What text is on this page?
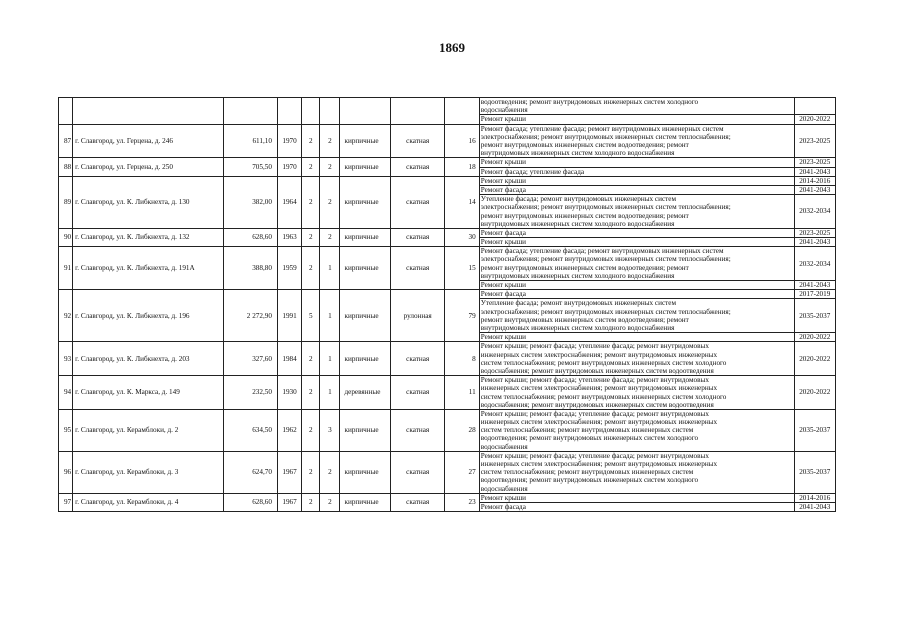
1869

									водоотведения; ремонт внутридомовых инженерных систем холодного
водоснабжения	

									Ремонт крыши	2020-2022
87	г. Славгород, ул. Герцена, д. 246	611,10	1970	2	2	кирпичные	скатная	16	Ремонт фасада; утепление фасада; ремонт внутридомовых инженерных систем
электроснабжения; ремонт внутридомовых инженерных систем теплоснабжения;
ремонт внутридомовых инженерных систем водоотведения; ремонт
внутридомовых инженерных систем холодного водоснабжения	2023-2025
88	г. Славгород, ул. Герцена, д. 250	705,50	1970	2	2	кирпичные	скатная	18	Ремонт крыши	2023-2025

									Ремонт фасада; утепление фасада	2041-2043
89	г. Славгород, ул. К. Либкнехта, д. 130	382,00	1964	2	2	кирпичные	скатная	14	Ремонт крыши	2014-2016

									Ремонт фасада	2041-2043

									Утепление фасада; ремонт внутридомовых инженерных систем
электроснабжения; ремонт внутридомовых инженерных систем теплоснабжения;
ремонт внутридомовых инженерных систем водоотведения; ремонт
внутридомовых инженерных систем холодного водоснабжения	2032-2034
90	г. Славгород, ул. К. Либкнехта, д. 132	628,60	1963	2	2	кирпичные	скатная	30	Ремонт фасада	2023-2025

									Ремонт крыши	2041-2043
91	г. Славгород, ул. К. Либкнехта, д. 191А	388,80	1959	2	1	кирпичные	скатная	15	Ремонт фасада; утепление фасада; ремонт внутридомовых инженерных систем
электроснабжения; ремонт внутридомовых инженерных систем теплоснабжения;
ремонт внутридомовых инженерных систем водоотведения; ремонт
внутридомовых инженерных систем холодного водоснабжения	2032-2034

									Ремонт крыши	2041-2043
92	г. Славгород, ул. К. Либкнехта, д. 196	2 272,90	1991	5	1	кирпичные	рулонная	79	Ремонт фасада	2017-2019

									Утепление фасада; ремонт внутридомовых инженерных систем
электроснабжения; ремонт внутридомовых инженерных систем теплоснабжения;
ремонт внутридомовых инженерных систем водоотведения; ремонт
внутридомовых инженерных систем холодного водоснабжения	2035-2037

									Ремонт крыши	2020-2022
93	г. Славгород, ул. К. Либкнехта, д. 203	327,60	1984	2	1	кирпичные	скатная	8	Ремонт крыши; ремонт фасада; утепление фасада; ремонт внутридомовых
инженерных систем электроснабжения; ремонт внутридомовых инженерных
систем теплоснабжения; ремонт внутридомовых инженерных систем холодного
водоснабжения; ремонт внутридомовых инженерных систем водоотведения	2020-2022
94	г. Славгород, ул. К. Маркса, д. 149	232,50	1930	2	1	деревянные	скатная	11	Ремонт крыши; ремонт фасада; утепление фасада; ремонт внутридомовых
инженерных систем электроснабжения; ремонт внутридомовых инженерных
систем теплоснабжения; ремонт внутридомовых инженерных систем холодного
водоснабжения; ремонт внутридомовых инженерных систем водоотведения	2020-2022
95	г. Славгород, ул. Керамблоки, д. 2	634,50	1962	2	3	кирпичные	скатная	28	Ремонт крыши; ремонт фасада; утепление фасада; ремонт внутридомовых
инженерных систем электроснабжения; ремонт внутридомовых инженерных
систем теплоснабжения; ремонт внутридомовых инженерных систем
водоотведения; ремонт внутридомовых инженерных систем холодного
водоснабжения	2035-2037
96	г. Славгород, ул. Керамблоки, д. 3	624,70	1967	2	2	кирпичные	скатная	27	Ремонт крыши; ремонт фасада; утепление фасада; ремонт внутридомовых
инженерных систем электроснабжения; ремонт внутридомовых инженерных
систем теплоснабжения; ремонт внутридомовых инженерных систем
водоотведения; ремонт внутридомовых инженерных систем холодного
водоснабжения	2035-2037
97	г. Славгород, ул. Керамблоки, д. 4	628,60	1967	2	2	кирпичные	скатная	23	Ремонт крыши	2014-2016

									Ремонт фасада	2041-2043
